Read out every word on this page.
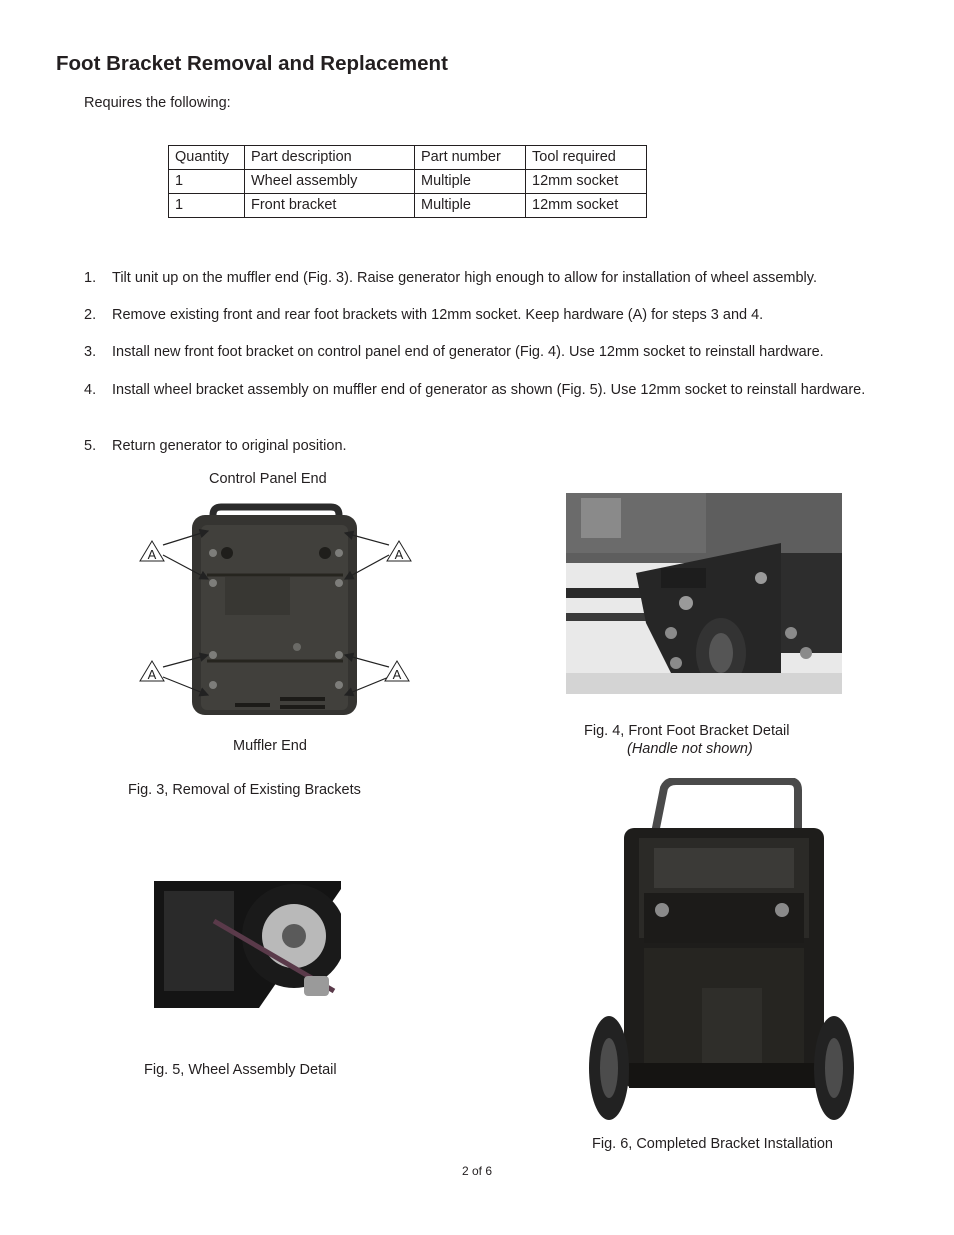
Foot Bracket Removal and Replacement
Requires the following:
Quantity	Part description	Part number	Tool required
1	Wheel assembly	Multiple	12mm socket
1	Front bracket	Multiple	12mm socket
1. Tilt unit up on the muffler end (Fig. 3). Raise generator high enough to allow for installation of wheel assembly.
2. Remove existing front and rear foot brackets with 12mm socket. Keep hardware (A) for steps 3 and 4.
3. Install new front foot bracket on control panel end of generator (Fig. 4). Use 12mm socket to reinstall hardware.
4. Install wheel bracket assembly on muffler end of generator as shown (Fig. 5). Use 12mm socket to reinstall hardware.
5. Return generator to original position.
Control Panel End
A	A
A	A
Muffler End
Fig. 3, Removal of Existing Brackets
Fig. 4, Front Foot Bracket Detail
(Handle not shown)
Fig. 5, Wheel Assembly Detail
Fig. 6, Completed Bracket Installation
2 of 6
